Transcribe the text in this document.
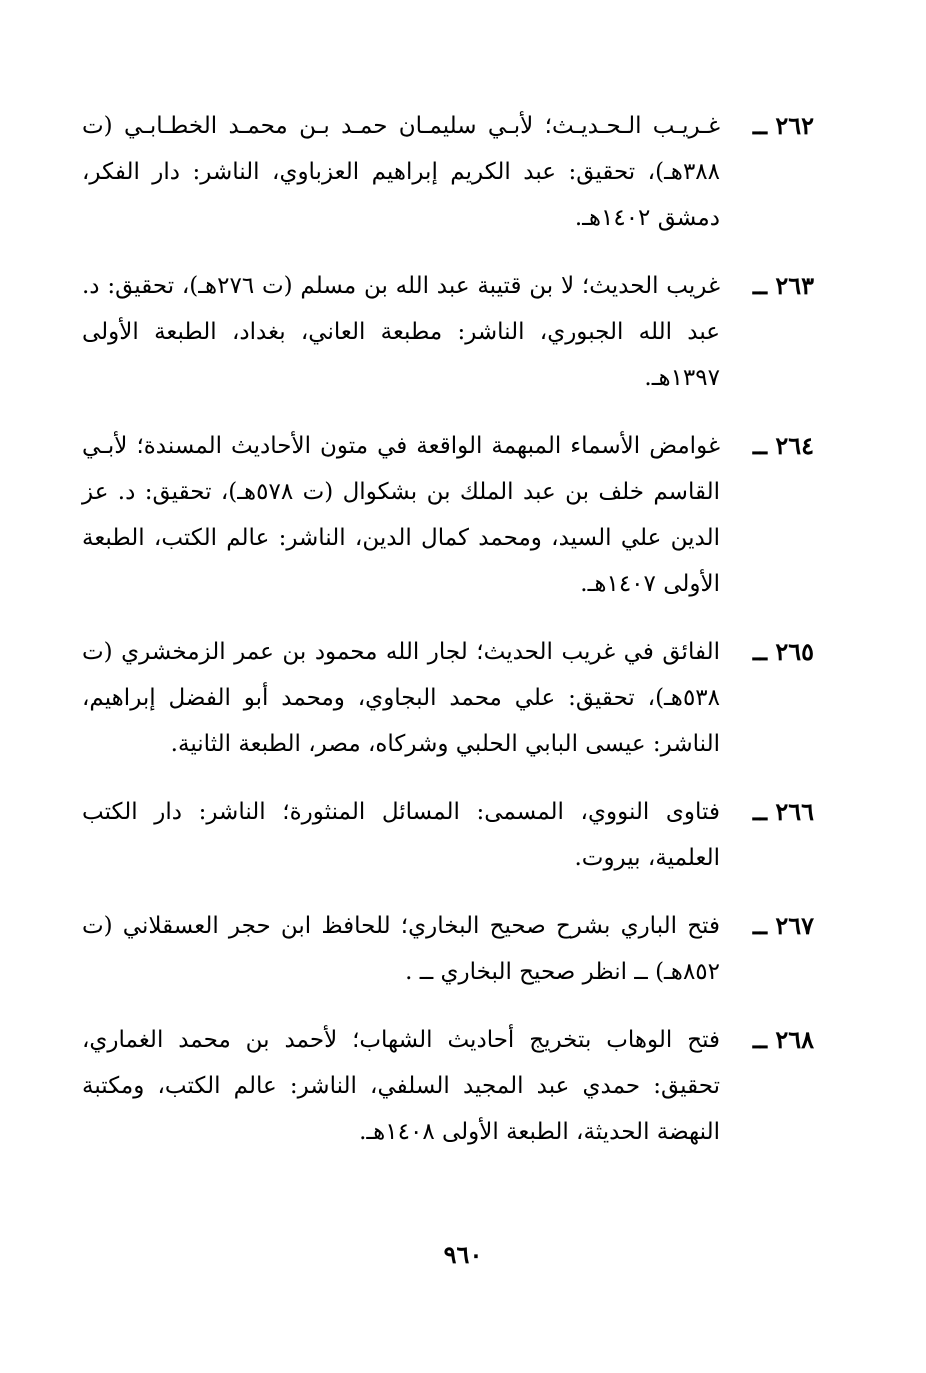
٢٦٢ ــ
غـريـب الـحـديـث؛ لأبـي سليمـان حمـد بـن محمـد الخطـابـي (ت ٣٨٨هـ)، تحقيق: عبد الكريم إبراهيم العزباوي، الناشر: دار الفكر، دمشق ١٤٠٢هـ.
٢٦٣ ــ
غريب الحديث؛ لا بن قتيبة عبد الله بن مسلم (ت ٢٧٦هـ)، تحقيق: د. عبد الله الجبوري، الناشر: مطبعة العاني، بغداد، الطبعة الأولى ١٣٩٧هـ.
٢٦٤ ــ
غوامض الأسماء المبهمة الواقعة في متون الأحاديث المسندة؛ لأبـي القاسم خلف بن عبد الملك بن بشكوال (ت ٥٧٨هـ)، تحقيق: د. عز الدين علي السيد، ومحمد كمال الدين، الناشر: عالم الكتب، الطبعة الأولى ١٤٠٧هـ.
٢٦٥ ــ
الفائق في غريب الحديث؛ لجار الله محمود بن عمر الزمخشري (ت ٥٣٨هـ)، تحقيق: علي محمد البجاوي، ومحمد أبو الفضل إبراهيم، الناشر: عيسى البابي الحلبي وشركاه، مصر، الطبعة الثانية.
٢٦٦ ــ
فتاوى النووي، المسمى: المسائل المنثورة؛ الناشر: دار الكتب العلمية، بيروت.
٢٦٧ ــ
فتح الباري بشرح صحيح البخاري؛ للحافظ ابن حجر العسقلاني (ت ٨٥٢هـ) ــ انظر صحيح البخاري ــ .
٢٦٨ ــ
فتح الوهاب بتخريج أحاديث الشهاب؛ لأحمد بن محمد الغماري، تحقيق: حمدي عبد المجيد السلفي، الناشر: عالم الكتب، ومكتبة النهضة الحديثة، الطبعة الأولى ١٤٠٨هـ.
٩٦٠
